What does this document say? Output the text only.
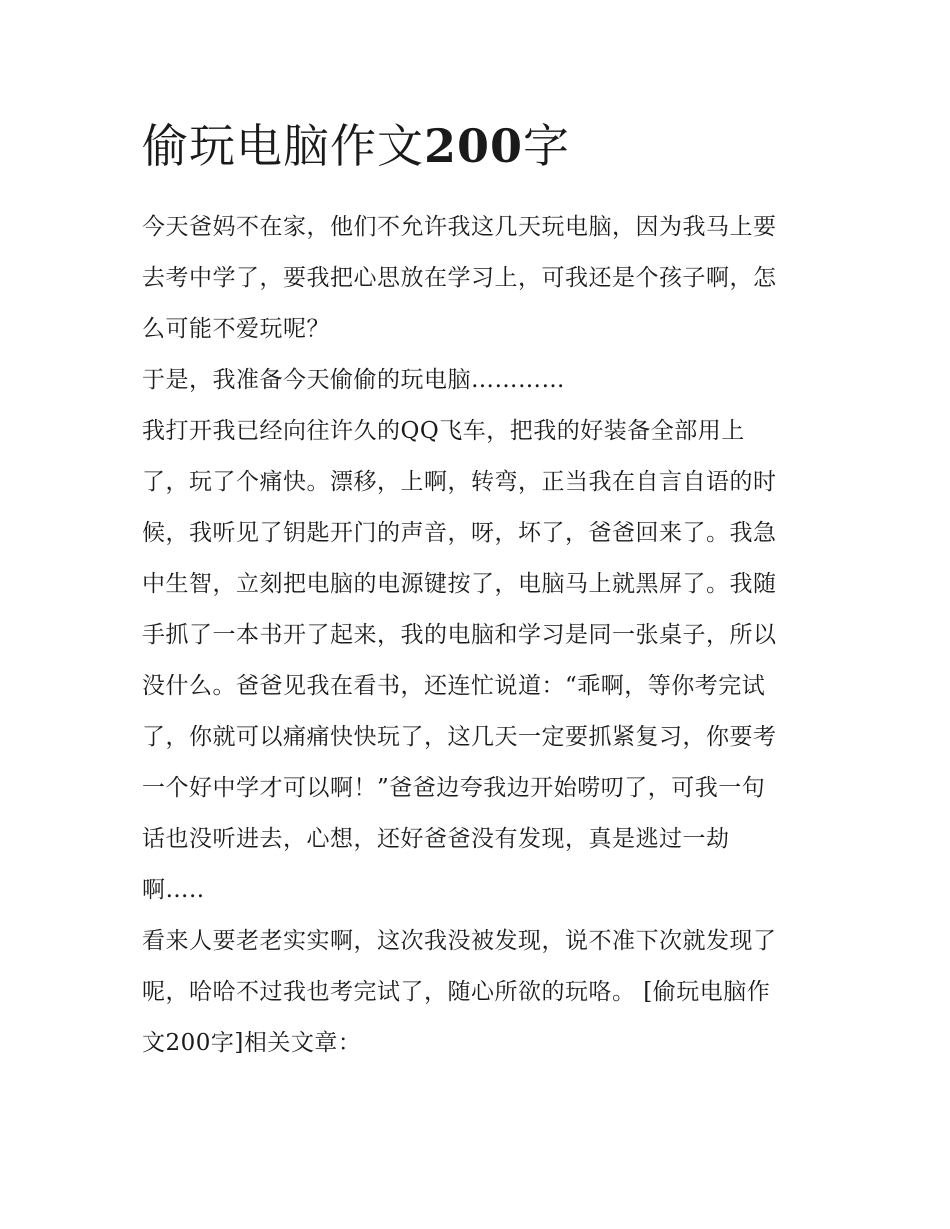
偷玩电脑作文200字

今天爸妈不在家，他们不允许我这几天玩电脑，因为我马上要
去考中学了，要我把心思放在学习上，可我还是个孩子啊，怎
么可能不爱玩呢？

于是，我准备今天偷偷的玩电脑…………

我打开我已经向往许久的QQ飞车，把我的好装备全部用上
了，玩了个痛快。漂移，上啊，转弯，正当我在自言自语的时
候，我听见了钥匙开门的声音，呀，坏了，爸爸回来了。我急
中生智，立刻把电脑的电源键按了，电脑马上就黑屏了。我随
手抓了一本书开了起来，我的电脑和学习是同一张桌子，所以
没什么。爸爸见我在看书，还连忙说道：“乖啊，等你考完试
了，你就可以痛痛快快玩了，这几天一定要抓紧复习，你要考
一个好中学才可以啊！”爸爸边夸我边开始唠叨了，可我一句
话也没听进去，心想，还好爸爸没有发现，真是逃过一劫
啊…..

看来人要老老实实啊，这次我没被发现，说不准下次就发现了
呢，哈哈不过我也考完试了，随心所欲的玩咯。 [偷玩电脑作
文200字]相关文章：
